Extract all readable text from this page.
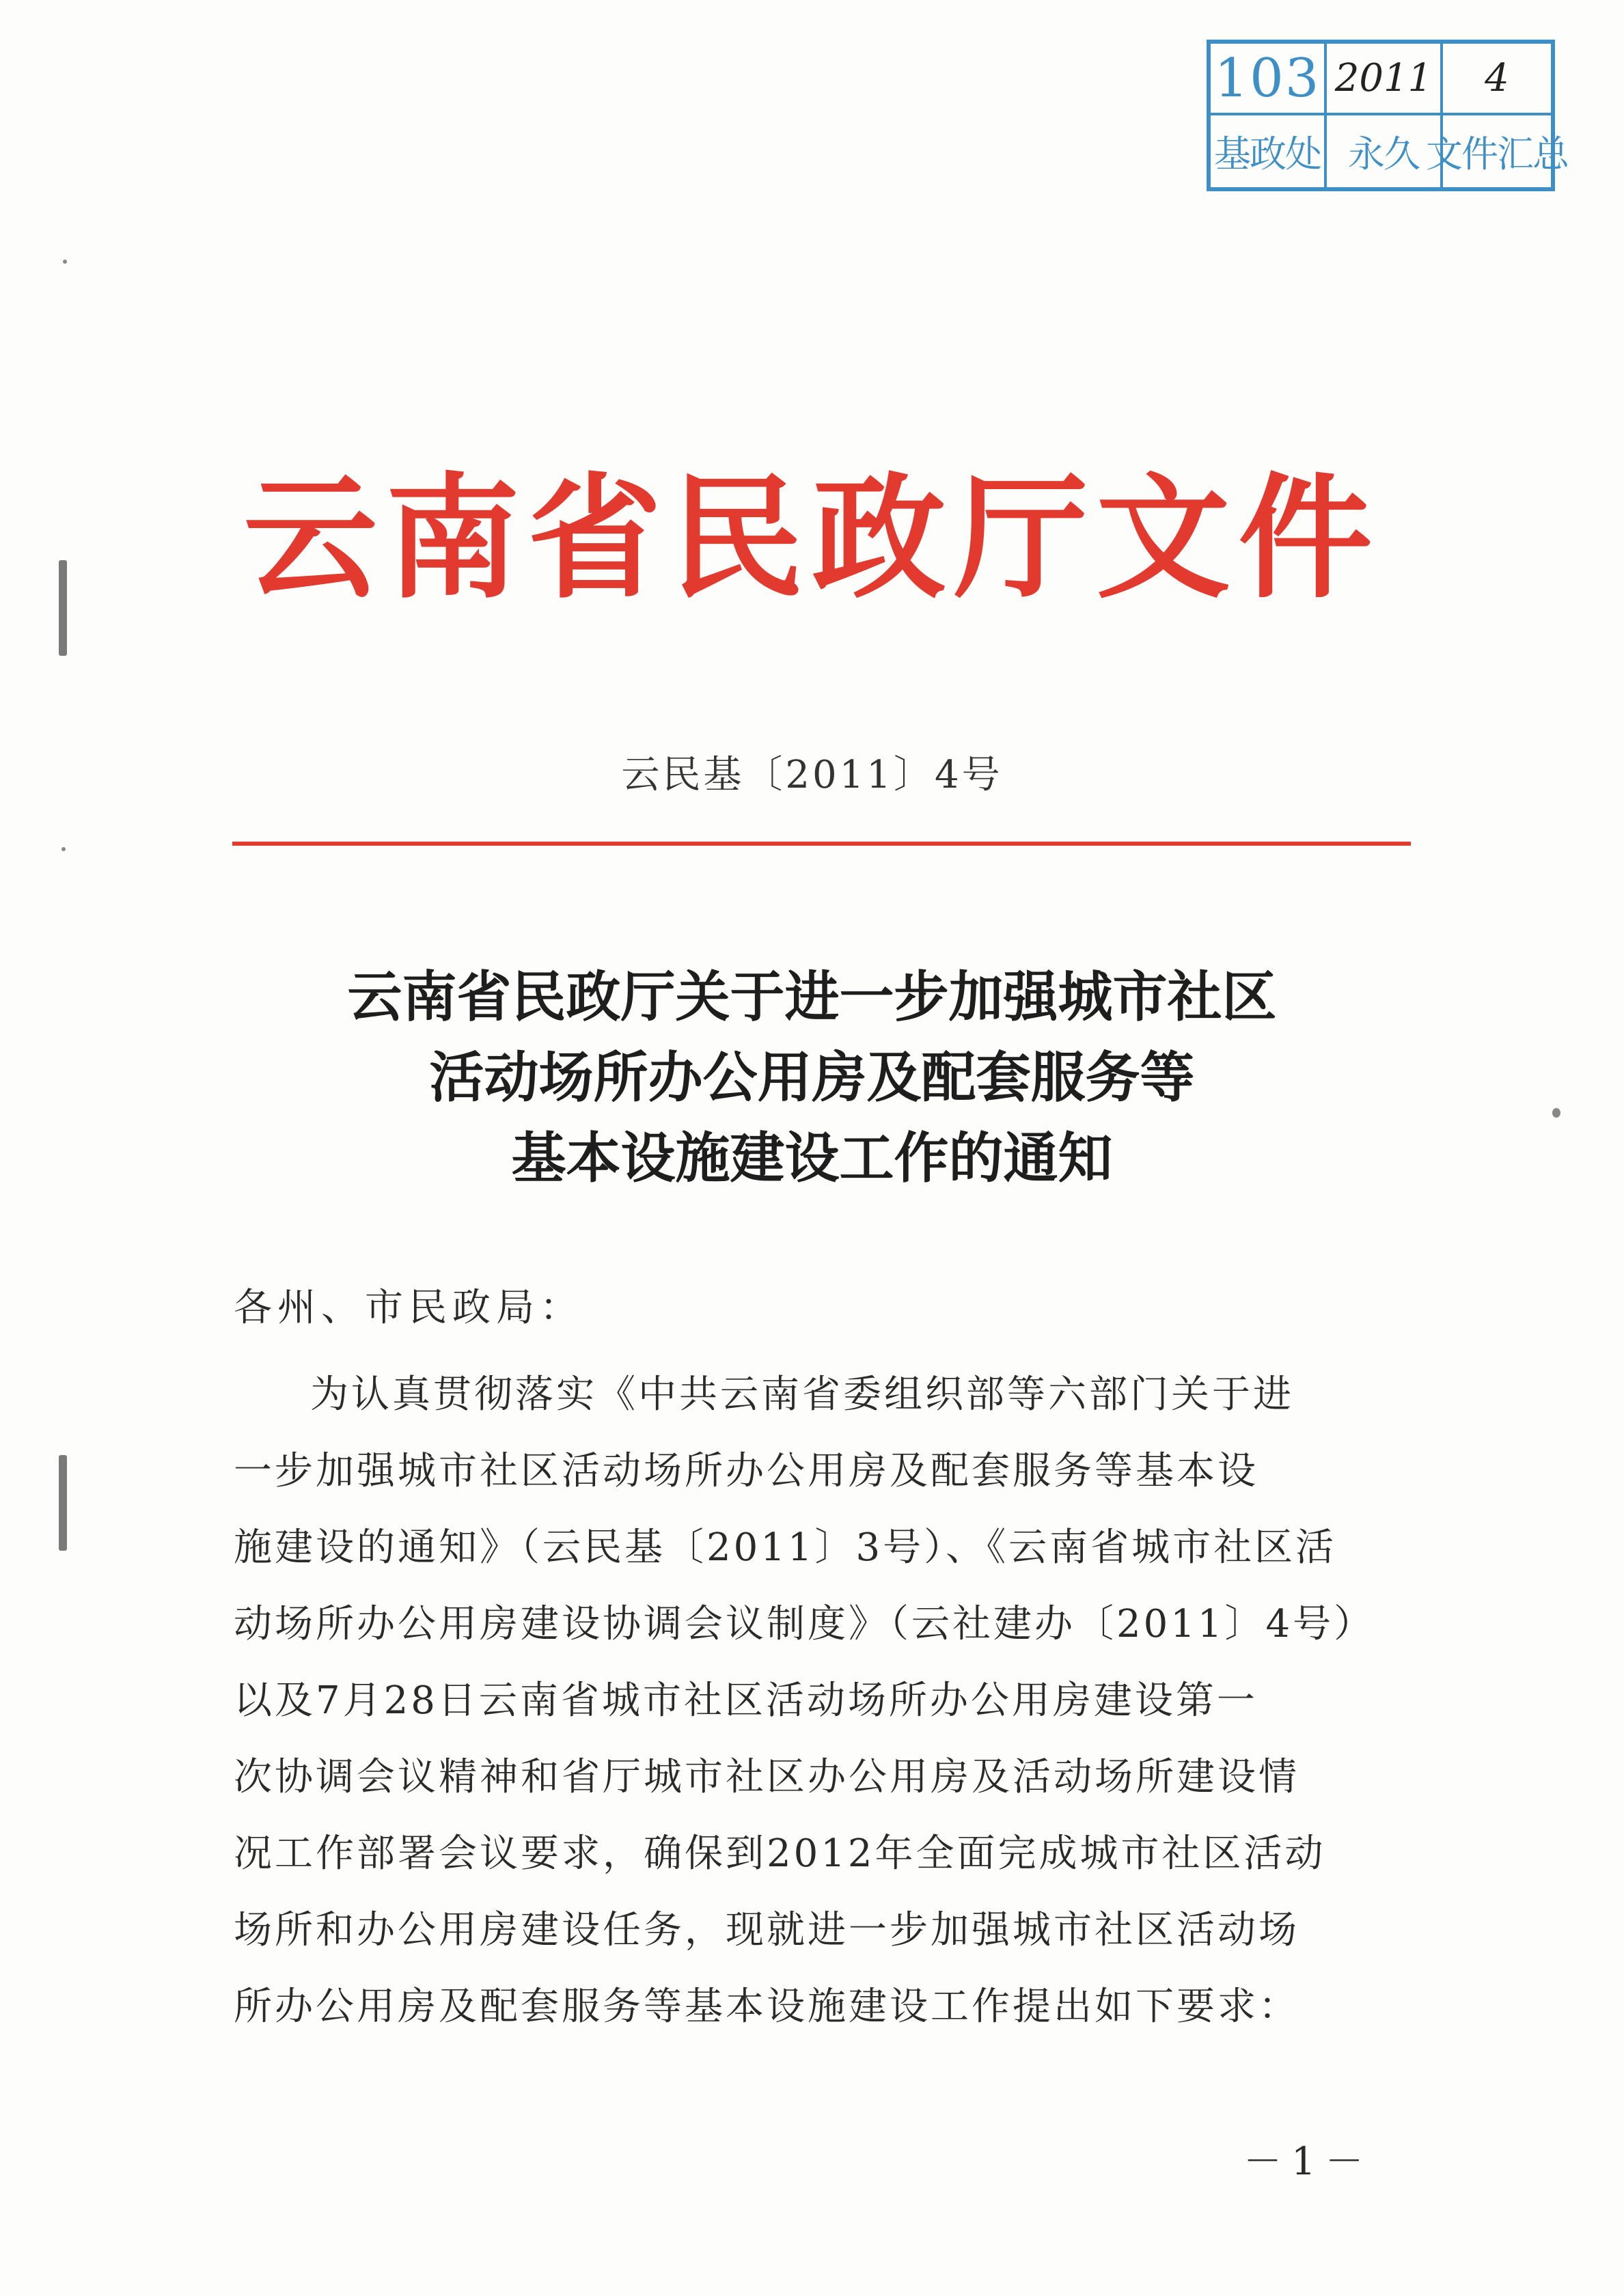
103 2011	4
基政处 永久 文件汇总
云南省民政厅文件
云民基〔2011〕4号
云南省民政厅关于进一步加强城市社区
活动场所办公用房及配套服务等
基本设施建设工作的通知
各州、市民政局：
为认真贯彻落实《中共云南省委组织部等六部门关于进
一步加强城市社区活动场所办公用房及配套服务等基本设
施建设的通知》（云民基〔2011〕3号）、《云南省城市社区活
动场所办公用房建设协调会议制度》（云社建办〔2011〕4号）
以及7月28日云南省城市社区活动场所办公用房建设第一
次协调会议精神和省厅城市社区办公用房及活动场所建设情
况工作部署会议要求，确保到2012年全面完成城市社区活动
场所和办公用房建设任务，现就进一步加强城市社区活动场
所办公用房及配套服务等基本设施建设工作提出如下要求：
－1－
